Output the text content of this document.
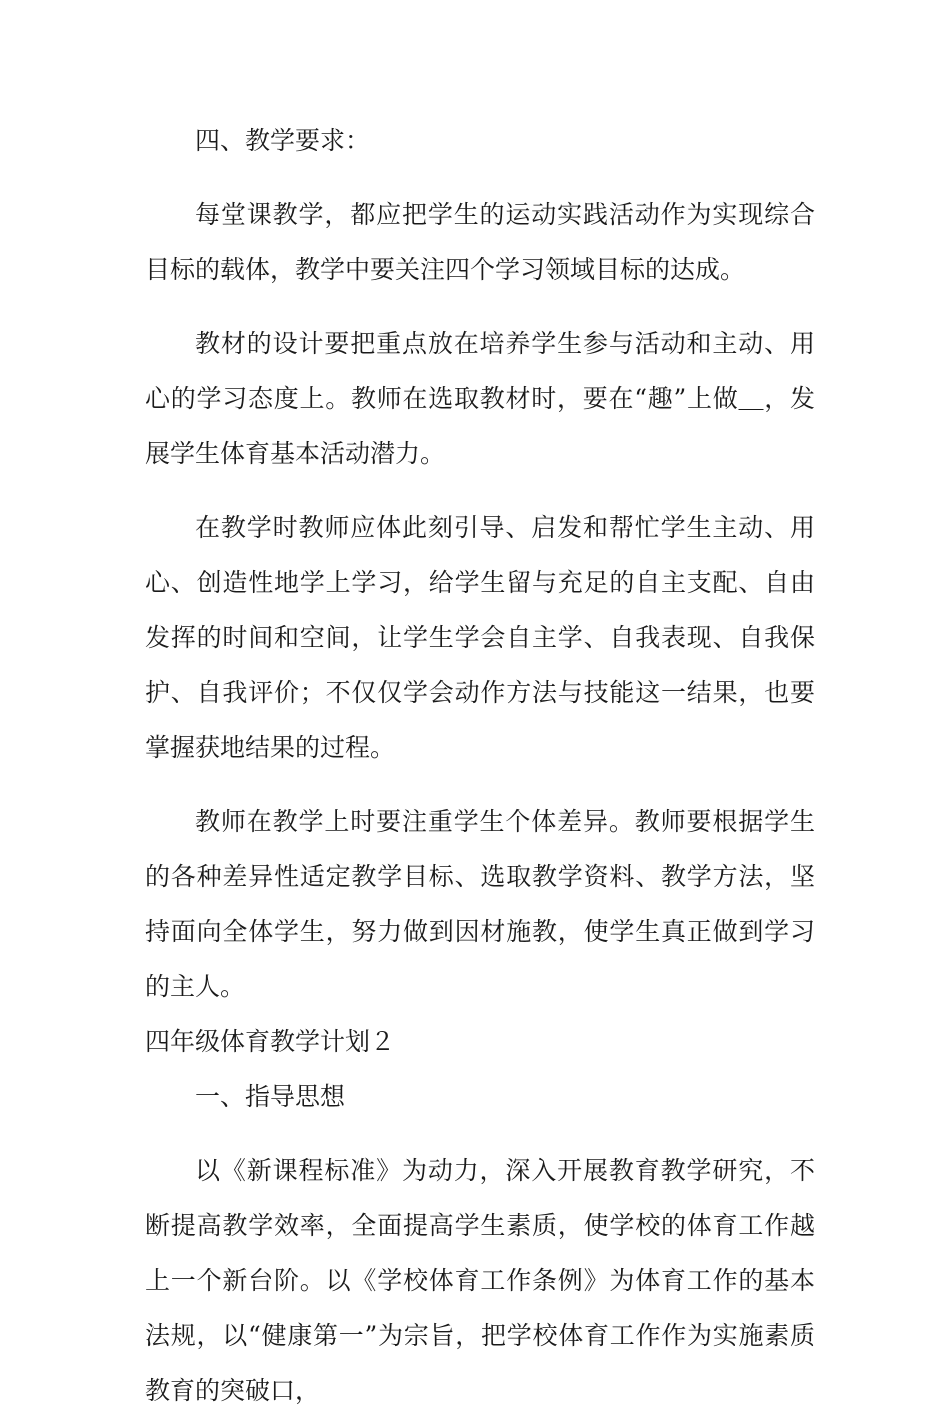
四、教学要求：

每堂课教学，都应把学生的运动实践活动作为实现综合目标的载体，教学中要关注四个学习领域目标的达成。

教材的设计要把重点放在培养学生参与活动和主动、用心的学习态度上。教师在选取教材时，要在“趣”上做＿，发展学生体育基本活动潜力。

在教学时教师应体此刻引导、启发和帮忙学生主动、用心、创造性地学上学习，给学生留与充足的自主支配、自由发挥的时间和空间，让学生学会自主学、自我表现、自我保护、自我评价；不仅仅学会动作方法与技能这一结果，也要掌握获地结果的过程。

教师在教学上时要注重学生个体差异。教师要根据学生的各种差异性适定教学目标、选取教学资料、教学方法，坚持面向全体学生，努力做到因材施教，使学生真正做到学习的主人。

四年级体育教学计划２

一、指导思想

以《新课程标准》为动力，深入开展教育教学研究，不断提高教学效率，全面提高学生素质，使学校的体育工作越上一个新台阶。以《学校体育工作条例》为体育工作的基本法规，以“健康第一”为宗旨，把学校体育工作作为实施素质教育的突破口，
